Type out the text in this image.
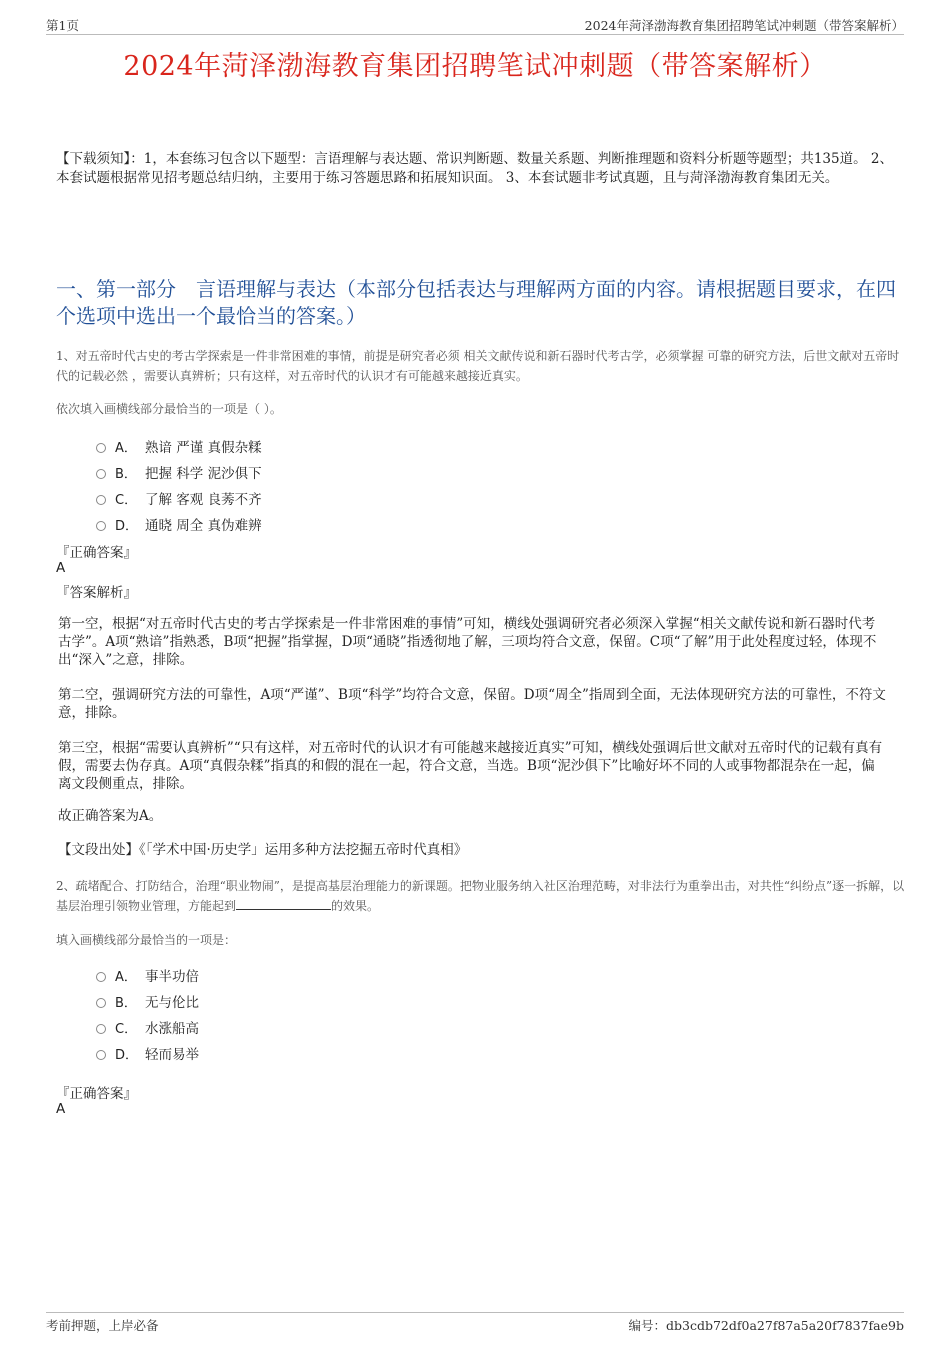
第1页	2024年菏泽渤海教育集团招聘笔试冲刺题（带答案解析）
2024年菏泽渤海教育集团招聘笔试冲刺题（带答案解析）
【下载须知】：1，本套练习包含以下题型：言语理解与表达题、常识判断题、数量关系题、判断推理题和资料分析题等题型；共135道。 2、本套试题根据常见招考题总结归纳，主要用于练习答题思路和拓展知识面。 3、本套试题非考试真题，且与菏泽渤海教育集团无关。
一、第一部分　言语理解与表达（本部分包括表达与理解两方面的内容。请根据题目要求，在四个选项中选出一个最恰当的答案。）
1、对五帝时代古史的考古学探索是一件非常困难的事情，前提是研究者必须 相关文献传说和新石器时代考古学，必须掌握 可靠的研究方法，后世文献对五帝时代的记载必然 ，需要认真辨析；只有这样，对五帝时代的认识才有可能越来越接近真实。
依次填入画横线部分最恰当的一项是（ ）。
A． 熟谙 严谨 真假杂糅
B． 把握 科学 泥沙俱下
C． 了解 客观 良莠不齐
D． 通晓 周全 真伪难辨
『正确答案』
A
『答案解析』
第一空，根据“对五帝时代古史的考古学探索是一件非常困难的事情”可知，横线处强调研究者必须深入掌握“相关文献传说和新石器时代考古学”。A项“熟谙”指熟悉，B项“把握”指掌握，D项“通晓”指透彻地了解，三项均符合文意，保留。C项“了解”用于此处程度过轻，体现不出“深入”之意，排除。
第二空，强调研究方法的可靠性，A项“严谨”、B项“科学”均符合文意，保留。D项“周全”指周到全面，无法体现研究方法的可靠性，不符文意，排除。
第三空，根据“需要认真辨析”“只有这样，对五帝时代的认识才有可能越来越接近真实”可知，横线处强调后世文献对五帝时代的记载有真有假，需要去伪存真。A项“真假杂糅”指真的和假的混在一起，符合文意，当选。B项“泥沙俱下”比喻好坏不同的人或事物都混杂在一起，偏离文段侧重点，排除。
故正确答案为A。
【文段出处】《「学术中国·历史学」运用多种方法挖掘五帝时代真相》
2、疏堵配合、打防结合，治理“职业物闹”，是提高基层治理能力的新课题。把物业服务纳入社区治理范畴，对非法行为重拳出击，对共性“纠纷点”逐一拆解，以基层治理引领物业管理，方能起到	的效果。
填入画横线部分最恰当的一项是：
A． 事半功倍
B． 无与伦比
C． 水涨船高
D． 轻而易举
『正确答案』
A
考前押题，上岸必备	编号：db3cdb72df0a27f87a5a20f7837fae9b
